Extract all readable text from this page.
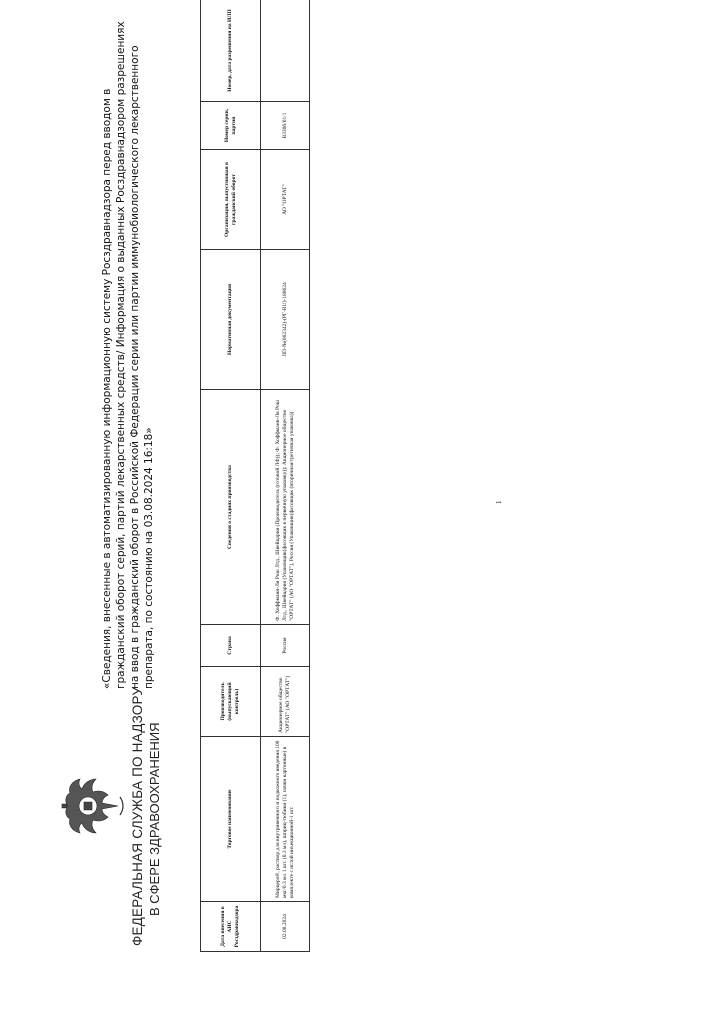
ФЕДЕРАЛЬНАЯ СЛУЖБА ПО НАДЗОРУ В СФЕРЕ ЗДРАВООХРАНЕНИЯ
«Сведения, внесенные в автоматизированную информационную систему Росздравнадзора перед вводом в гражданский оборот серий, партий лекарственных средств/ Информация о выданных Росздравнадзором разрешениях на ввод в гражданский оборот в Российской Федерации серии или партии иммунобиологического лекарственного препарата, по состоянию на 03.08.2024 16:18»
Дата внесения в АИС Росздравнадзора	Торговое наименование	Производитель (выпускающий контроль)	Страна	Сведения о стадиях производства	Нормативная документация	Организация, выпустившая в гражданский оборот	Номер серии, партии	Номер, дата разрешения на ИЛП
02.08.2024	Мирцера®, раствор для внутривенного и подкожного введения 100 мкг/0.3 мл 1 шт. (0.3 мл), шприц-тюбики (1), пачки картонные) в комплекте с иглой инъекционной-1 шт.	Акционерное общество "ОРТАТ" (АО "ОРТАТ")	Россия	Ф. Хоффманн-Ля Рош Лтд., Швейцария (Производитель (готовой ЛФ)); Ф. Хоффманн-Ля Рош Лтд., Швейцария (Упаковщик(фасовщик в первичную упаковку)); Акционерное общество "ОРТАТ" (АО "ОРТАТ"), Россия (Упаковщик(фасовщик (вторичная/третичная упаковка))	ЛП-№(002342)-(РГ-RU)-180624	АО "ОРТАТ"	B3306/01/1	
1
